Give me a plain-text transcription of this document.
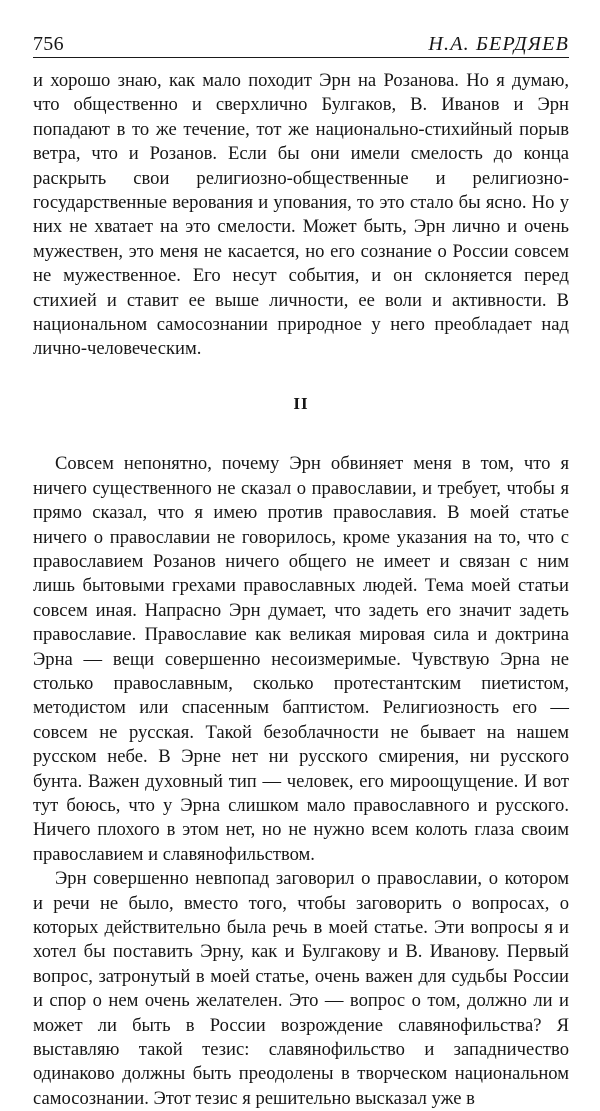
756	Н.А. БЕРДЯЕВ

и хорошо знаю, как мало походит Эрн на Розанова. Но я думаю, что общественно и сверхлично Булгаков, В. Иванов и Эрн попадают в то же течение, тот же национально-стихийный порыв ветра, что и Розанов. Если бы они имели смелость до конца раскрыть свои религиозно-общественные и религиозно-государственные верования и упования, то это стало бы ясно. Но у них не хватает на это смелости. Может быть, Эрн лично и очень мужествен, это меня не касается, но его сознание о России совсем не мужественное. Его несут события, и он склоняется перед стихией и ставит ее выше личности, ее воли и активности. В национальном самосознании природное у него преобладает над лично-человеческим.

II

Совсем непонятно, почему Эрн обвиняет меня в том, что я ничего существенного не сказал о православии, и требует, чтобы я прямо сказал, что я имею против православия. В моей статье ничего о православии не говорилось, кроме указания на то, что с православием Розанов ничего общего не имеет и связан с ним лишь бытовыми грехами православных людей. Тема моей статьи совсем иная. Напрасно Эрн думает, что задеть его значит задеть православие. Православие как великая мировая сила и доктрина Эрна — вещи совершенно несоизмеримые. Чувствую Эрна не столько православным, сколько протестантским пиетистом, методистом или спасенным баптистом. Религиозность его — совсем не русская. Такой безоблачности не бывает на нашем русском небе. В Эрне нет ни русского смирения, ни русского бунта. Важен духовный тип — человек, его мироощущение. И вот тут боюсь, что у Эрна слишком мало православного и русского. Ничего плохого в этом нет, но не нужно всем колоть глаза своим православием и славянофильством.

Эрн совершенно невпопад заговорил о православии, о котором и речи не было, вместо того, чтобы заговорить о вопросах, о которых действительно была речь в моей статье. Эти вопросы я и хотел бы поставить Эрну, как и Булгакову и В. Иванову. Первый вопрос, затронутый в моей статье, очень важен для судьбы России и спор о нем очень желателен. Это — вопрос о том, должно ли и может ли быть в России возрождение славянофильства? Я выставляю такой тезис: славянофильство и западничество одинаково должны быть преодолены в творческом национальном самосознании. Этот тезис я решительно высказал уже в
